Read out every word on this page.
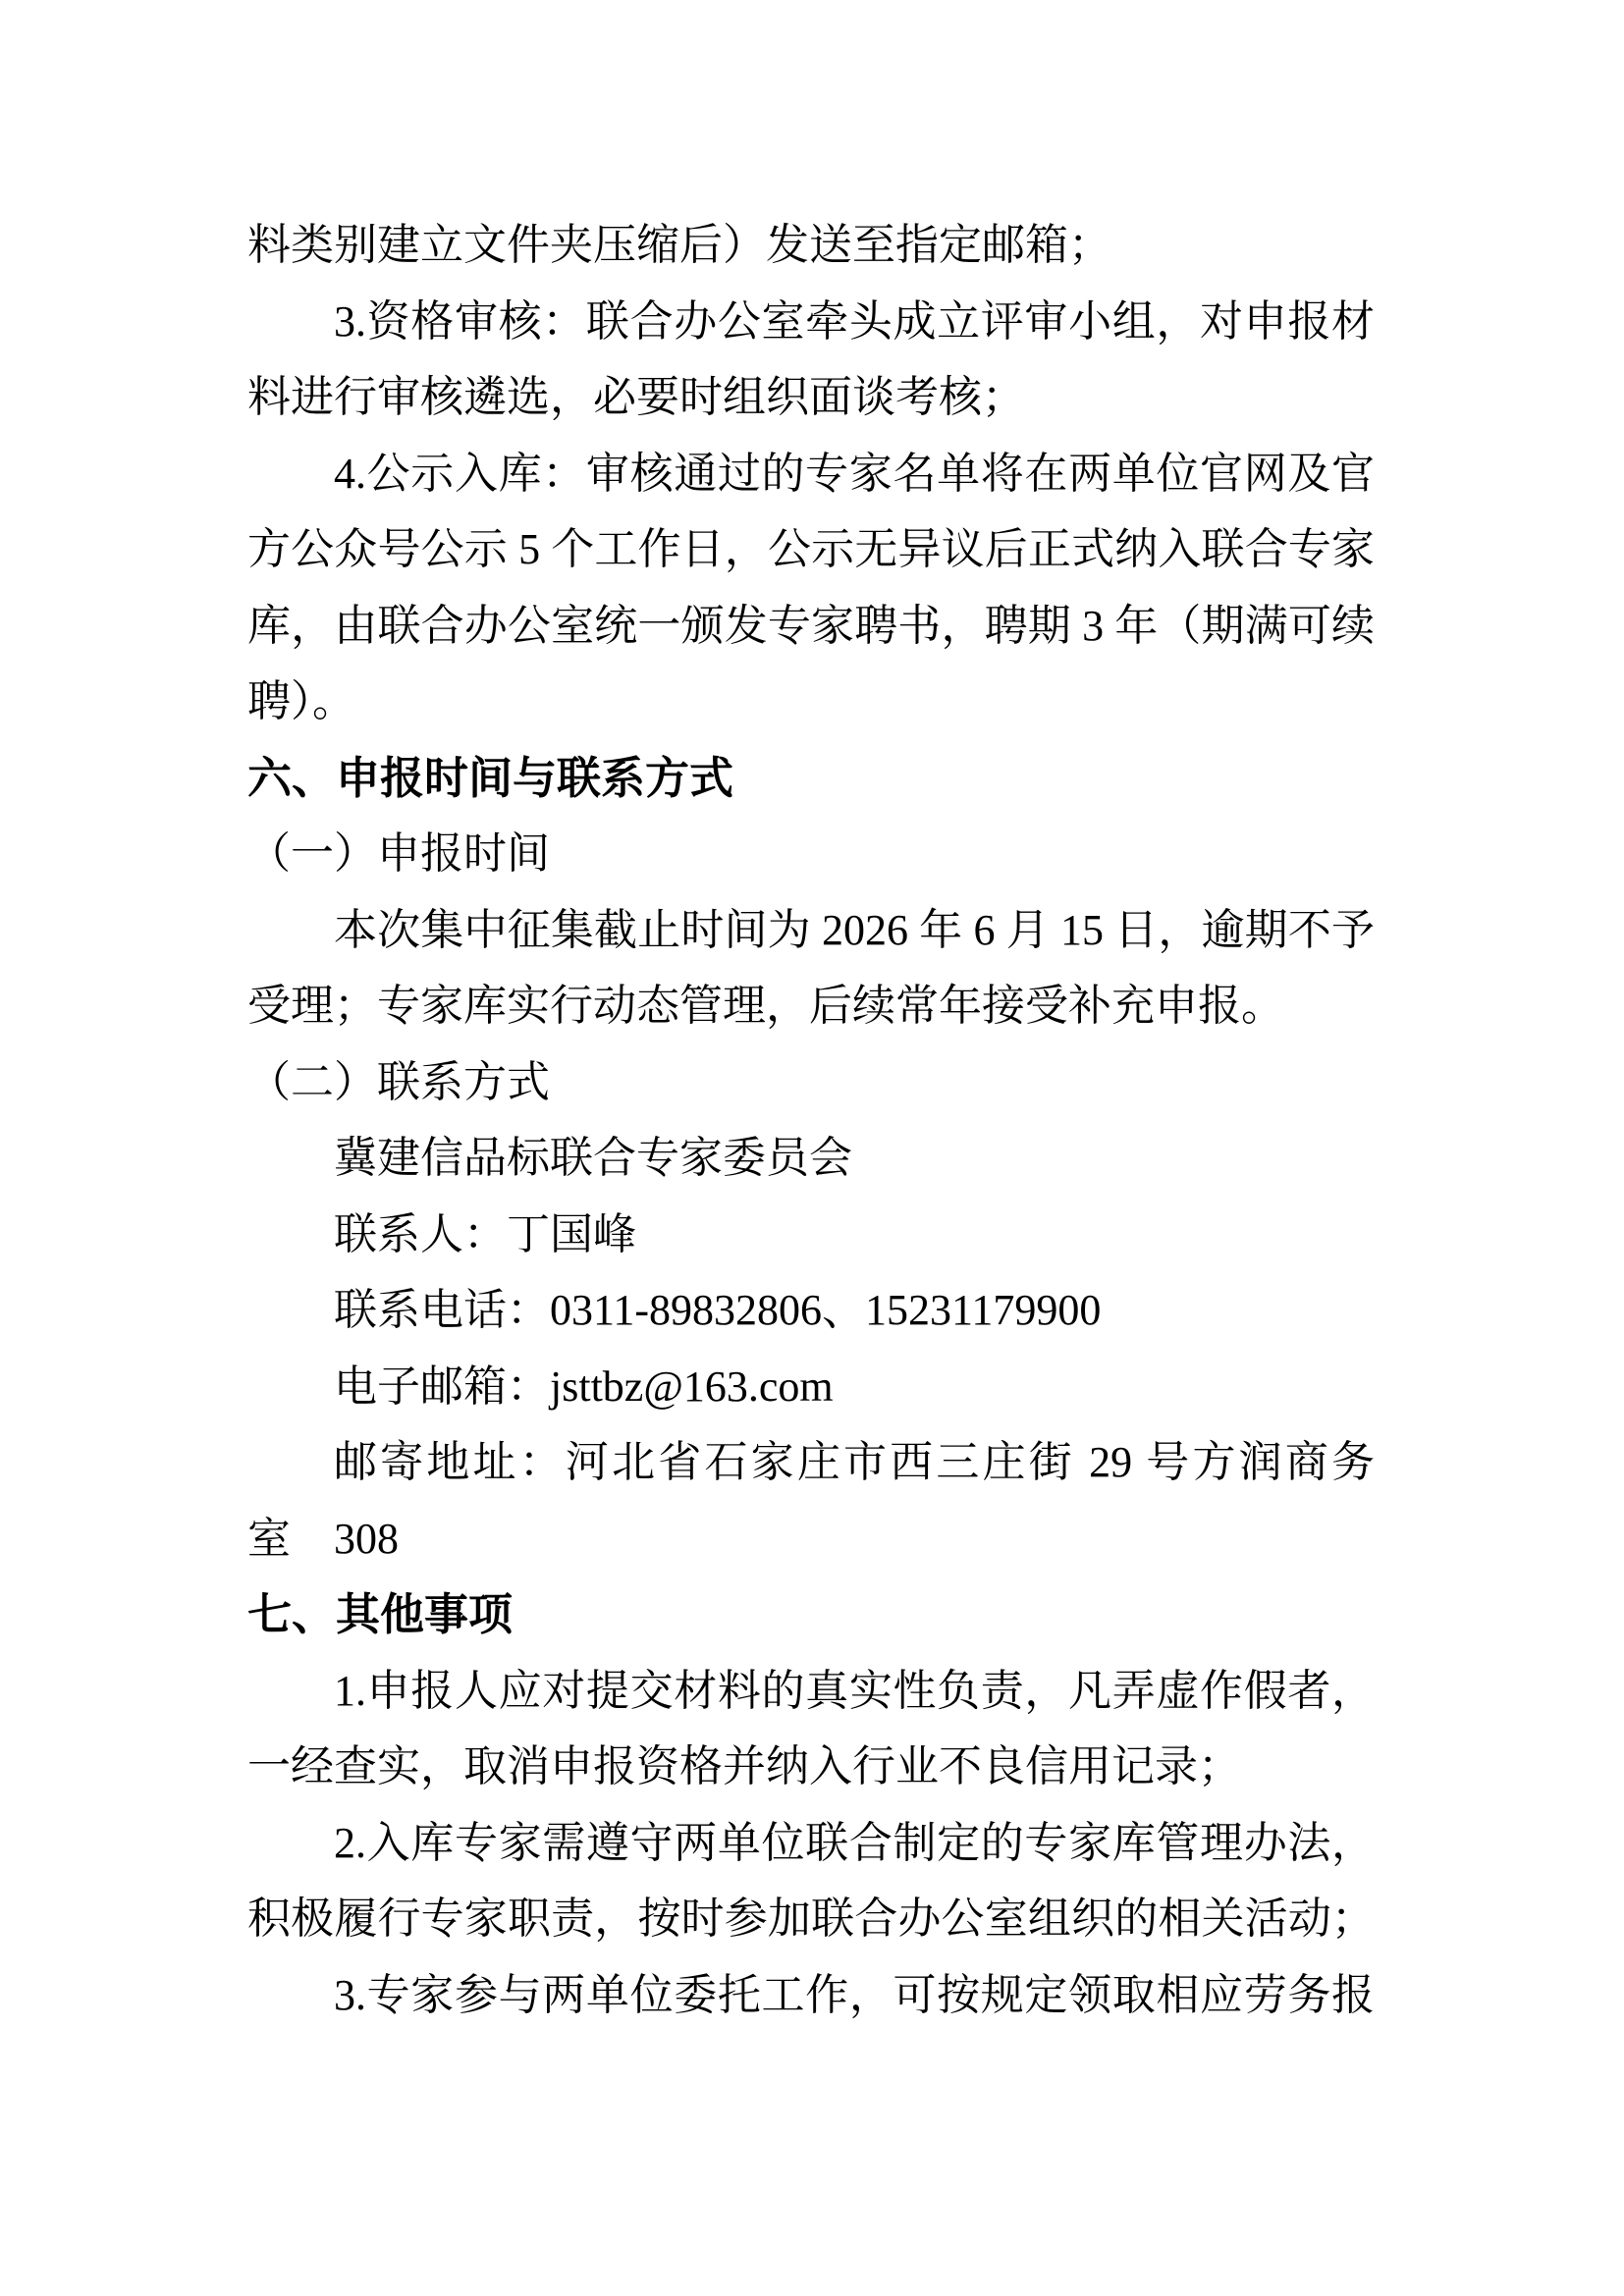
料类别建立文件夹压缩后）发送至指定邮箱；
3.资格审核：联合办公室牵头成立评审小组，对申报材
料进行审核遴选，必要时组织面谈考核；
4.公示入库：审核通过的专家名单将在两单位官网及官
方公众号公示 5 个工作日，公示无异议后正式纳入联合专家
库，由联合办公室统一颁发专家聘书，聘期 3 年（期满可续
聘）。
六、申报时间与联系方式
（一）申报时间
本次集中征集截止时间为 2026 年 6 月 15 日，逾期不予
受理；专家库实行动态管理，后续常年接受补充申报。
（二）联系方式
冀建信品标联合专家委员会
联系人：丁国峰
联系电话：0311-89832806、15231179900
电子邮箱：jsttbz@163.com
邮寄地址：河北省石家庄市西三庄街 29 号方润商务 308
室
七、其他事项
1.申报人应对提交材料的真实性负责，凡弄虚作假者，
一经查实，取消申报资格并纳入行业不良信用记录；
2.入库专家需遵守两单位联合制定的专家库管理办法，
积极履行专家职责，按时参加联合办公室组织的相关活动；
3.专家参与两单位委托工作，可按规定领取相应劳务报
